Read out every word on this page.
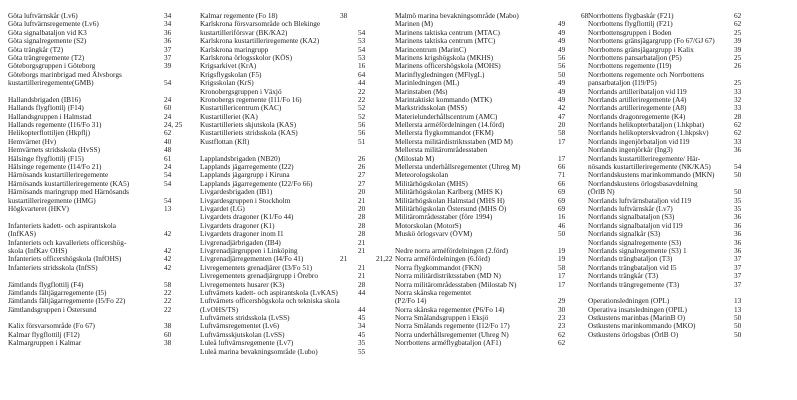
Göta luftvärnskår (Lv6)	34
Göta luftvärnsregemente (Lv6)	34
Göta signalbataljon vid K3	36
Göta signalregemente (S2)	36
Göta trängkår (T2)	37
Göta trängregemente (T2)	37
Göteborgsgruppen i Göteborg	39
Göteborgs marinbrigad med Älvsborgs
kustartilleriregemente(GMB)	54
Hallandsbrigaden (IB16)	24
Hallands flygflottilj (F14)	60
Hallandsgruppen i Halmstad	24
Hallands regemente (I16/Fo 31)	24, 25
Helikopterflottiljen (Hkpflj)	62
Hemvärnet (Hv)	40
Hemvärnets stridsskola (HvSS)	48
Hälsinge flygflottilj (F15)	61
Hälsinge regemente (I14/Fo 21)	24
Härnösands kustartilleriregemente	54
Härnösands kustartilleriregemente (KA5)	54
Härnösands maringrupp med Härnösands
kustartilleriregemente (HMG)	54
Högkvarteret (HKV)	13
Infanteriets kadett- och aspirantskola
(InfKAS)	42
Infanteriets och kavalleriets officershög-
skola (InfKav OHS)	42
Infanteriets officershögskola (InfOHS)	42
Infanteriets stridsskola (InfSS)	42
Jämtlands flygflottilj (F4)	58
Jämtlands fältjägarregemente (I5)	22
Jämtlands fältjägarregemente (I5/Fo 22)	22
Jämtlandsgruppen i Östersund	22
Kalix försvarsområde (Fo 67)	38
Kalmar flygflottilj (F12)	60
Kalmargruppen i Kalmar	38
Kalmar regemente (Fo 18)	38
Karlskrona försvarsområde och Blekinge
kustartilleriförsvar (BK/KA2)	54
Karlskrona kustartilleriregemente (KA2)	53
Karlskrona maringrupp	54
Karlskrona örlogsskolor (KÖS)	53
Krigsarkivet (KrA)	16
Krigsflygskolan (F5)	64
Krigsskolan (KrS)	44
Kronobergsgruppen i Växjö	22
Kronobergs regemente (I11/Fo 16)	22
Kustartillericentrum (KAC)	52
Kustartilleriet (KA)	52
Kustartilleriets skjutskola (KAS)	56
Kustartilleriets stridsskola (KAS)	56
Kustflottan (Kfl)	51
Lapplandsbrigaden (NB20)	26
Lapplands jägarregemente (I22)	26
Lapplands jägargrupp i Kiruna	27
Lapplands jägarregemente (I22/Fo 66)	27
Livgardesbrigaden (IB1)	20
Livgardesgruppen i Stockholm	21
Livgardet (LG)	20
Livgardets dragoner (K1/Fo 44)	28
Livgardets dragoner (K1)	28
Livgardets dragoner inom I1	28
Livgrenadjärbrigaden (IB4)	21
Livgrenadjärgruppen i Linköping	21
Livgrenadjärregementen (I4/Fo 41)	21	21,22
Livregementets grenadjärer (I3/Fo 51)	21
Livregementets grenadjärgrupp i Örebro	21
Livregementets husarer (K3)	28
Luftvärnets kadett- och aspirantskola (LvKAS)	44
Luftvärnets officershögskola och tekniska skola
(LvOHS/TS)	44
Luftvärnets stridsskola (LvSS)	45
Luftvärnsregementet (Lv6)	34
Luftvärnsskjutskolan (LvSS)	45
Luleå luftvärnsregemente (Lv7)	35
Luleå marina bevakningsområde (Lubo)	55
Malmö marina bevakningsområde (Mabo)	68
Marinen (M)	49
Marinens taktiska centrum (MTAC)	49
Marinens taktiska centrum (MTC)	49
Marincentrum (MarinC)	49
Marinens krigshögskola (MKHS)	56
Marinens officershögskola (MOHS)	56
Marinflygledningen (MFlygL)	50
Marinledningen (ML)	49
Marinstaben (Ms)	49
Marintaktiskt kommando (MTK)	49
Markstridsskolan (MSS)	42
Materielunderhållscentrum (AMC)	47
Mellersta arméfördelningen (14.förd)	20
Mellersta flygkommandot (FKM)	58
Mellersta militärdistriktsstaben (MD M)	17
Mellersta militärområdesstaben
(Milostab M)	17
Mellersta underhållsregementet (Uhreg M)	66
Meteorologskolan	71
Militärhögskolan (MHS)	66
Militärhögskolan Karlberg (MHS K)	69
Militärhögskolan Halmstad (MHS H)	69
Militärhögskolan Östersund (MHS Ö)	69
Militärområdesstaber (före 1994)	16
Motorskolan (MotorS)	46
Muskö örlogsvarv (ÖVM)	50
Nedre norra arméfördelningen (2.förd)	19
Norra arméfördelningen (6.förd)	19
Norra flygkommandot (FKN)	58
Norra militärdistriktsstaben (MD N)	17
Norra militärområdesstaben (Milostab N)	17
Norra skånska regementet
(P2/Fo 14)	29
Norra skånska regementet (P6/Fo 14)	30
Norra Smålandsgruppen i Eksjö	23
Norra Smålands regemente (I12/Fo 17)	23
Norra underhållsregementet (Uhreg N)	62
Norrbottens arméflygbataljon (AF1)	62
Norrbottens flygbaskår (F21)	62
Norrbottens flygflottilj (F21)	62
Norrbottensgruppen i Boden	25
Norrbottens gränsjägargrupp (Fo 67/GJ 67)	39
Norrbottens gränsjägargrupp i Kalix	39
Norrbottens pansarbataljon (P5)	25
Norrbottens regemente (I19)	26
Norrbottens regemente och Norrbottens
pansarbataljon (I19/P5)	25
Norrlands artilleribataljon vid I19	33
Norrlands artilleriregemente (A4)	32
Norrlands artilleriregemente (A8)	33
Norrlands dragonregemente (K4)	28
Norrlands helikopterbataljon (1.hkpbat)	62
Norrlands helikopterskvadron (1.hkpskv)	62
Norrlands ingenjörbataljon vid I19	33
Norrlands ingenjörkår (Ing3)	36
Norrlands kustartilleriregemente/ Här-
nösands kustartilleriregemente (NK/KA5)	54
Norrlandskustens marinkommando (MKN)	50
Norrlandskustens örlogsbasavdelning
(ÖrlB N)	50
Norrlands luftvärnsbataljon vid I19	35
Norrlands luftvärnskår (Lv7)	35
Norrlands signalbataljon (S3)	36
Norrlands signalbataljon vid I19	36
Norrlands signalkår (S3)	36
Norrlands signalregemente (S3)	36
Norrlands signalregemente (S3) 1	36
Norrlands trängbataljon (T3)	37
Norrlands trängbataljon vid I5	37
Norrlands trängkår (T3)	37
Norrlands trängregemente (T3)	37
Operationsledningen (OPL)	13
Operativa insatsledningen (OPIL)	13
Ostkustens marinbas (MarinB O)	50
Ostkustens marinkommando (MKO)	50
Ostkustens örlogsbas (ÖrlB O)	50
